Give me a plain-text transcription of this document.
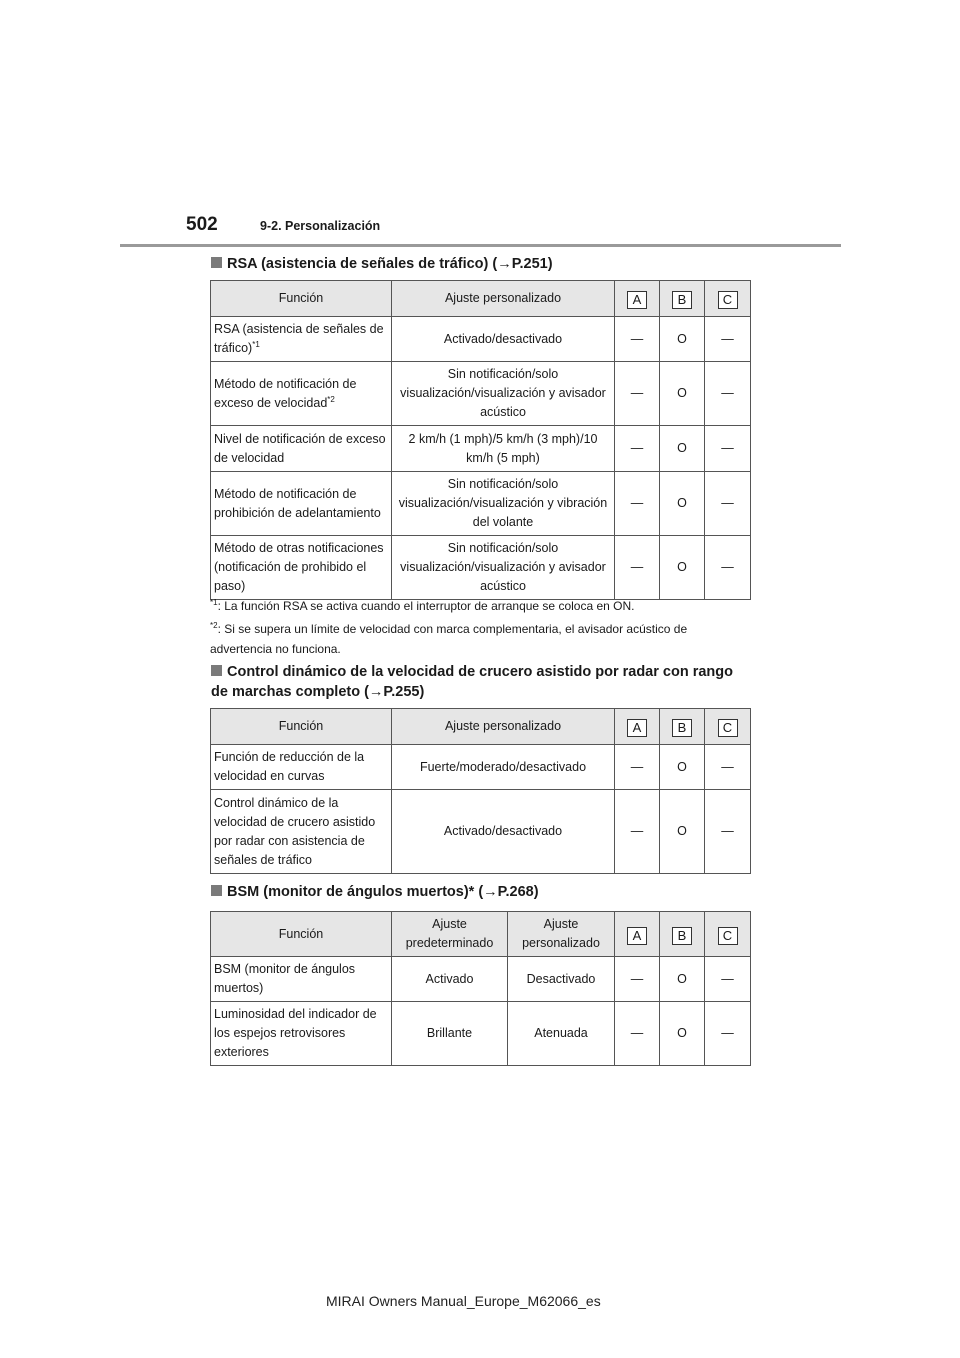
502	9-2. Personalización
RSA (asistencia de señales de tráfico) (→P.251)
Función	Ajuste personalizado	A	B	C
RSA (asistencia de señales de tráfico)$^{*1}$	Activado/desactivado	—	O	—
Método de notificación de exceso de velocidad$^{*2}$	Sin notificación/solo visualización/visualización y avisador acústico	—	O	—
Nivel de notificación de exceso de velocidad	2 km/h (1 mph)/5 km/h (3 mph)/10 km/h (5 mph)	—	O	—
Método de notificación de prohibición de adelantamiento	Sin notificación/solo visualización/visualización y vibración del volante	—	O	—
Método de otras notificaciones (notificación de prohibido el paso)	Sin notificación/solo visualización/visualización y avisador acústico	—	O	—
$^{*1}$: La función RSA se activa cuando el interruptor de arranque se coloca en ON.
$^{*2}$: Si se supera un límite de velocidad con marca complementaria, el avisador acústico de advertencia no funciona.
Control dinámico de la velocidad de crucero asistido por radar con rango de marchas completo (→P.255)
Función	Ajuste personalizado	A	B	C
Función de reducción de la velocidad en curvas	Fuerte/moderado/desactivado	—	O	—
Control dinámico de la velocidad de crucero asistido por radar con asistencia de señales de tráfico	Activado/desactivado	—	O	—
BSM (monitor de ángulos muertos)* (→P.268)
Función	Ajuste predeterminado	Ajuste personalizado	A	B	C
BSM (monitor de ángulos muertos)	Activado	Desactivado	—	O	—
Luminosidad del indicador de los espejos retrovisores exteriores	Brillante	Atenuada	—	O	—
MIRAI Owners Manual_Europe_M62066_es
